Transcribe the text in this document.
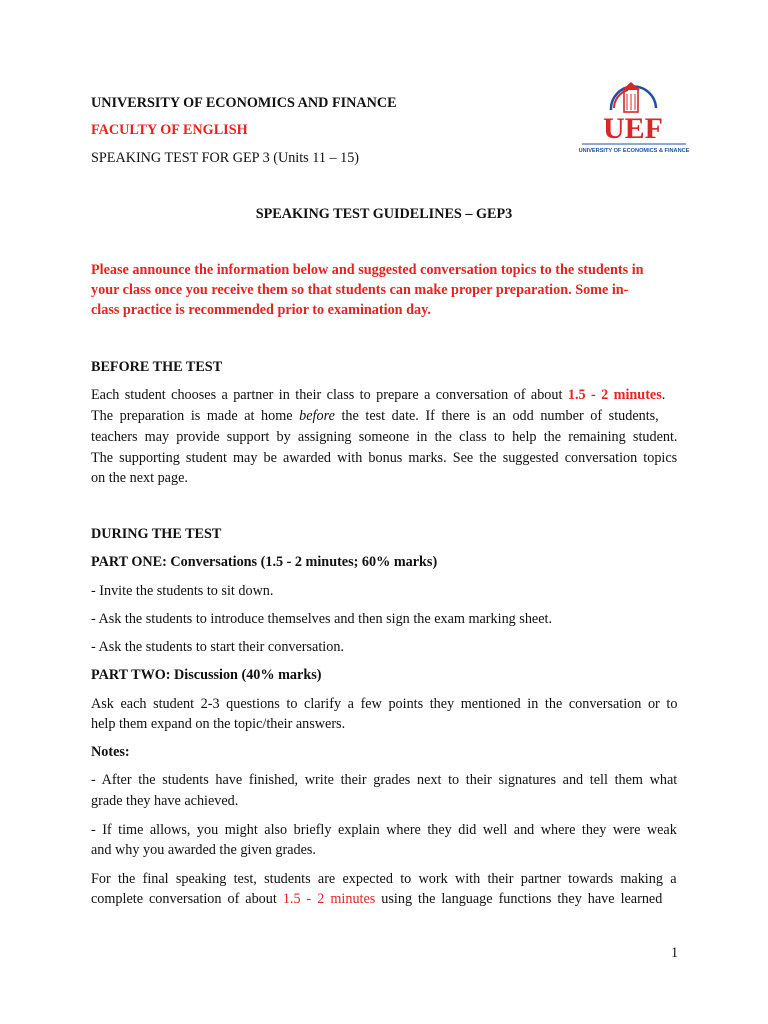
UNIVERSITY OF ECONOMICS AND FINANCE
FACULTY OF ENGLISH
SPEAKING TEST FOR GEP 3 (Units 11 – 15)
UEF
UNIVERSITY OF ECONOMICS & FINANCE
SPEAKING TEST GUIDELINES – GEP3
Please announce the information below and suggested conversation topics to the students in
your class once you receive them so that students can make proper preparation. Some in-
class practice is recommended prior to examination day.
BEFORE THE TEST
Each student chooses a partner in their class to prepare a conversation of about 1.5 - 2 minutes.
The preparation is made at home before the test date. If there is an odd number of students,
teachers may provide support by assigning someone in the class to help the remaining student.
The supporting student may be awarded with bonus marks. See the suggested conversation topics
on the next page.
DURING THE TEST
PART ONE: Conversations (1.5 - 2 minutes; 60% marks)
- Invite the students to sit down.
- Ask the students to introduce themselves and then sign the exam marking sheet.
- Ask the students to start their conversation.
PART TWO: Discussion (40% marks)
Ask each student 2-3 questions to clarify a few points they mentioned in the conversation or to
help them expand on the topic/their answers.
Notes:
- After the students have finished, write their grades next to their signatures and tell them what
grade they have achieved.
- If time allows, you might also briefly explain where they did well and where they were weak
and why you awarded the given grades.
For the final speaking test, students are expected to work with their partner towards making a
complete conversation of about 1.5 - 2 minutes using the language functions they have learned
1
